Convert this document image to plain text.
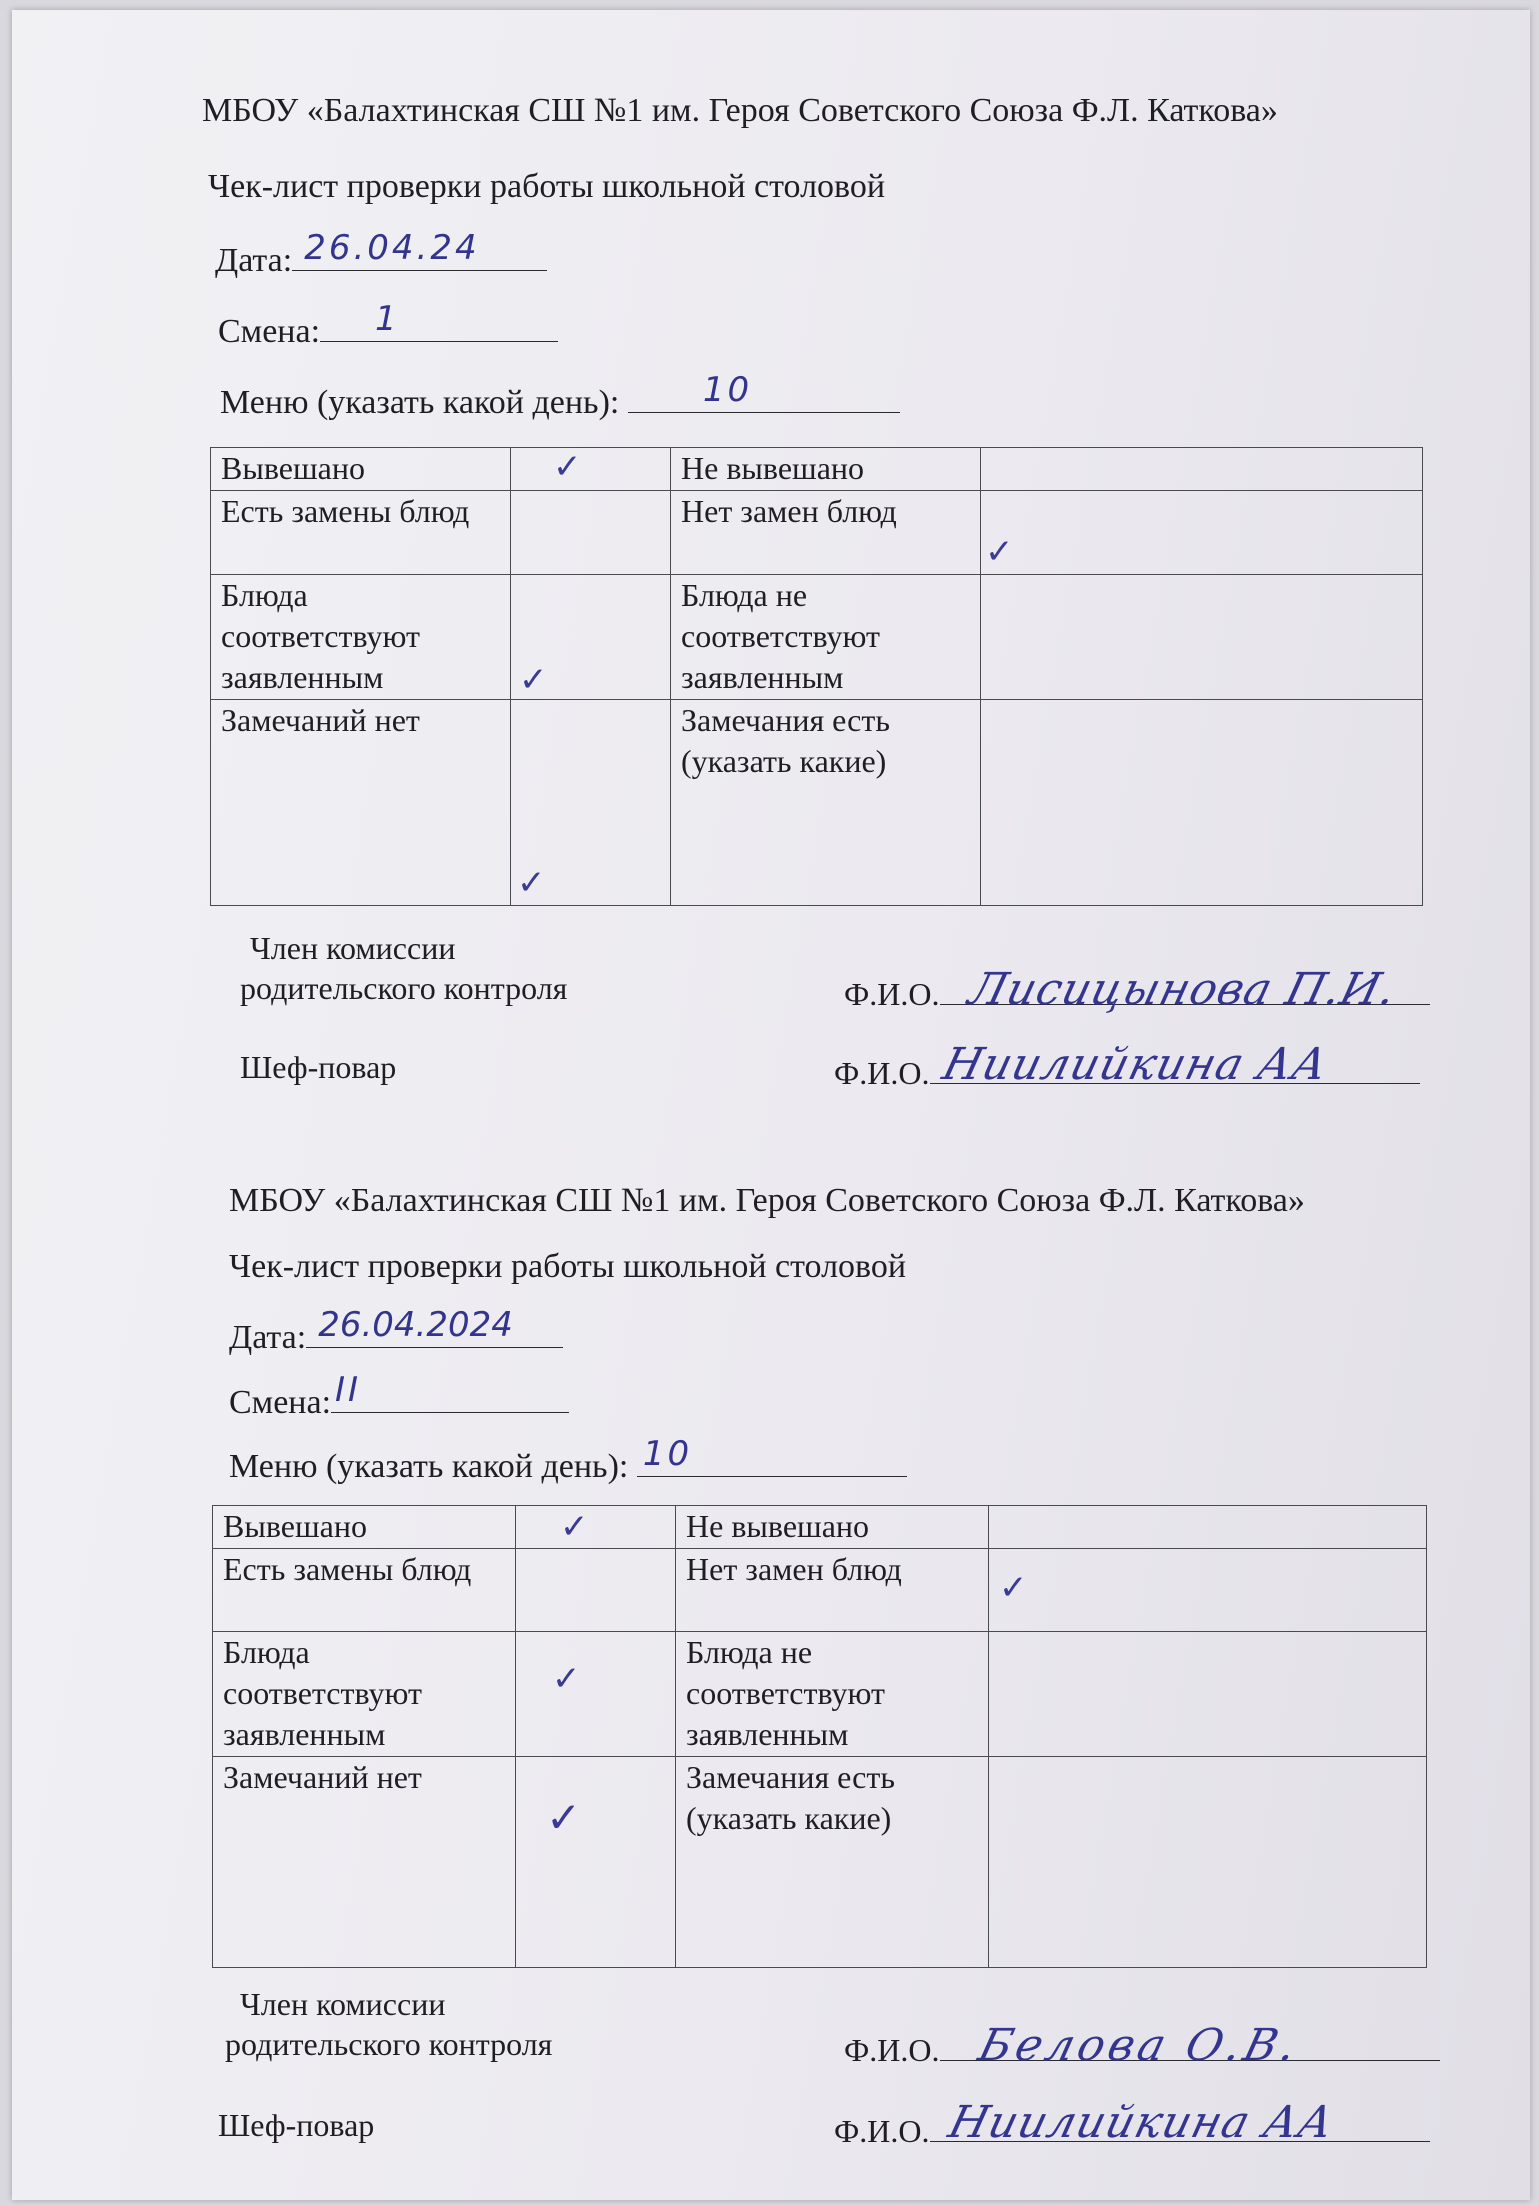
МБОУ «Балахтинская СШ №1 им. Героя Советского Союза Ф.Л. Каткова»
Чек-лист проверки работы школьной столовой
Дата: 26.04.24
Смена: 1
Меню (указать какой день): 10
Вывешано	✓	Не вывешано	

Есть замены блюд		Нет замен блюд	✓

Блюда соответствуют заявленным	✓	Блюда не соответствуют заявленным	

Замечаний нет	✓	Замечания есть (указать какие)	
Член комиссии
родительского контроля	Ф.И.О. Лисицынова П.И.
Шеф-повар	Ф.И.О. Ниилийкина АА
МБОУ «Балахтинская СШ №1 им. Героя Советского Союза Ф.Л. Каткова»
Чек-лист проверки работы школьной столовой
Дата: 26.04.2024
Смена: II
Меню (указать какой день): 10
Вывешано	✓	Не вывешано	

Есть замены блюд		Нет замен блюд	✓

Блюда соответствуют заявленным	✓	Блюда не соответствуют заявленным	

Замечаний нет	✓	Замечания есть (указать какие)	
Член комиссии
родительского контроля	Ф.И.О. Белова О.В.
Шеф-повар	Ф.И.О. Ниилийкина АА
